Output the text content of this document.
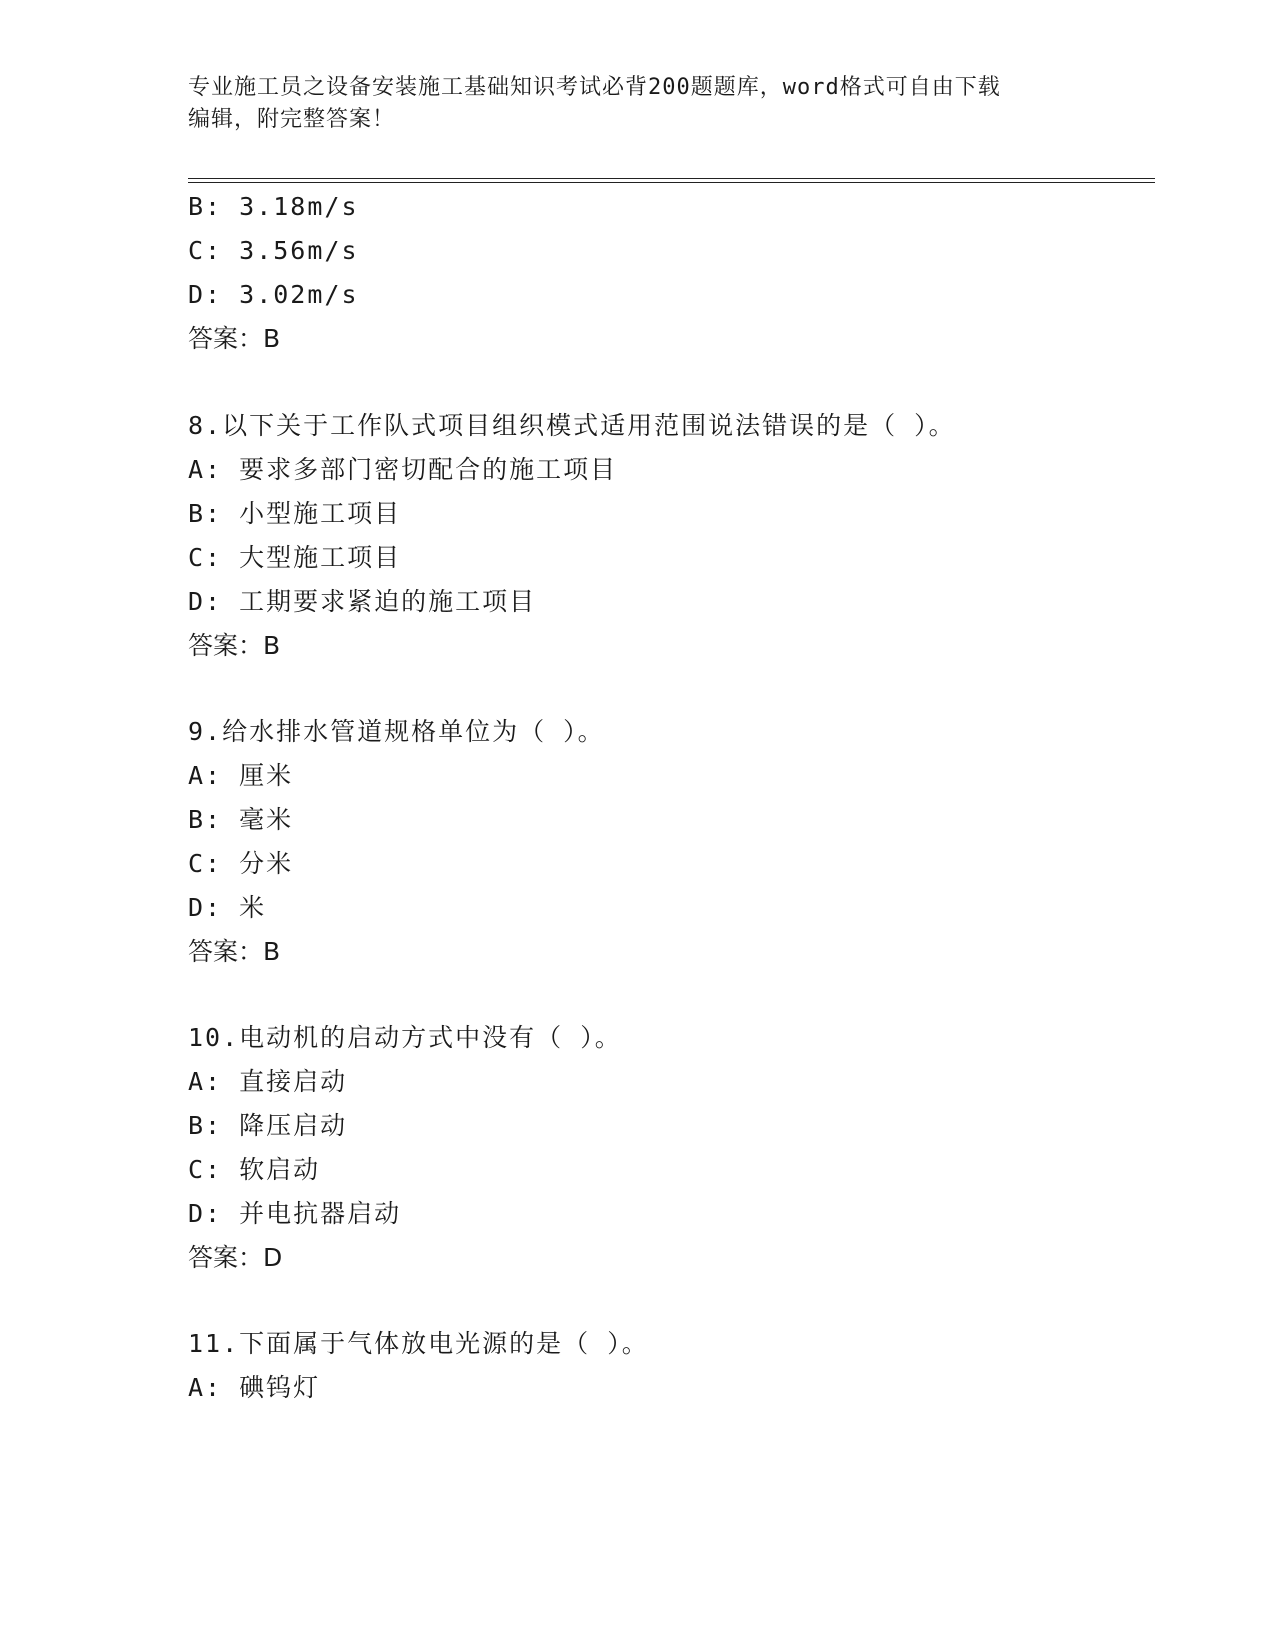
专业施工员之设备安装施工基础知识考试必背200题题库，word格式可自由下载
编辑，附完整答案！
B: 3.18m/s
C: 3.56m/s
D: 3.02m/s
答案：B
8.以下关于工作队式项目组织模式适用范围说法错误的是（ ）。
A: 要求多部门密切配合的施工项目
B: 小型施工项目
C: 大型施工项目
D: 工期要求紧迫的施工项目
答案：B
9.给水排水管道规格单位为（ ）。
A: 厘米
B: 毫米
C: 分米
D: 米
答案：B
10.电动机的启动方式中没有（ ）。
A: 直接启动
B: 降压启动
C: 软启动
D: 并电抗器启动
答案：D
11.下面属于气体放电光源的是（ ）。
A: 碘钨灯
